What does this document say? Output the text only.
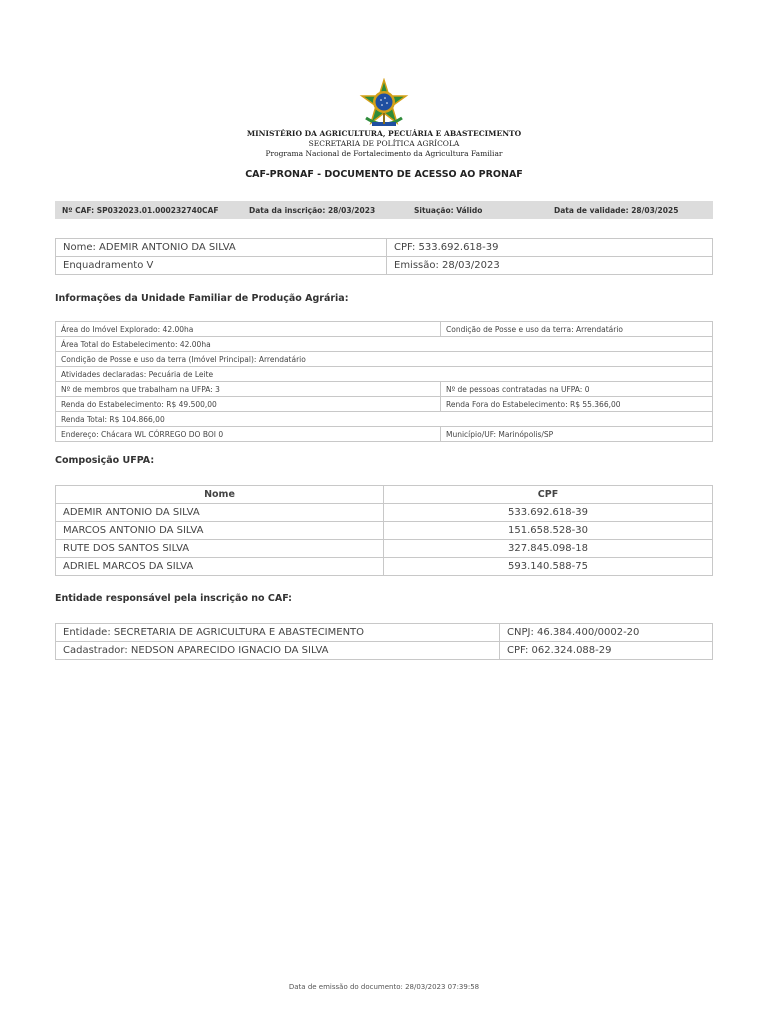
MINISTÉRIO DA AGRICULTURA, PECUÁRIA E ABASTECIMENTO
SECRETARIA DE POLÍTICA AGRÍCOLA
Programa Nacional de Fortalecimento da Agricultura Familiar
CAF-PRONAF - DOCUMENTO DE ACESSO AO PRONAF
Nº CAF: SP032023.01.000232740CAF	Data da inscrição: 28/03/2023	Situação: Válido	Data de validade: 28/03/2025
Nome: ADEMIR ANTONIO DA SILVA	CPF: 533.692.618-39
Enquadramento V	Emissão: 28/03/2023
Informações da Unidade Familiar de Produção Agrária:
Área do Imóvel Explorado: 42.00ha	Condição de Posse e uso da terra: Arrendatário
Área Total do Estabelecimento: 42.00ha	
Condição de Posse e uso da terra (Imóvel Principal): Arrendatário	
Atividades declaradas: Pecuária de Leite	
Nº de membros que trabalham na UFPA: 3	Nº de pessoas contratadas na UFPA: 0
Renda do Estabelecimento: R$ 49.500,00	Renda Fora do Estabelecimento: R$ 55.366,00
Renda Total: R$ 104.866,00	
Endereço: Chácara WL CÓRREGO DO BOI 0	Município/UF: Marinópolis/SP
Composição UFPA:
Nome	CPF
ADEMIR ANTONIO DA SILVA	533.692.618-39
MARCOS ANTONIO DA SILVA	151.658.528-30
RUTE DOS SANTOS SILVA	327.845.098-18
ADRIEL MARCOS DA SILVA	593.140.588-75
Entidade responsável pela inscrição no CAF:
Entidade: SECRETARIA DE AGRICULTURA E ABASTECIMENTO	CNPJ: 46.384.400/0002-20
Cadastrador: NEDSON APARECIDO IGNACIO DA SILVA	CPF: 062.324.088-29
Data de emissão do documento: 28/03/2023 07:39:58
